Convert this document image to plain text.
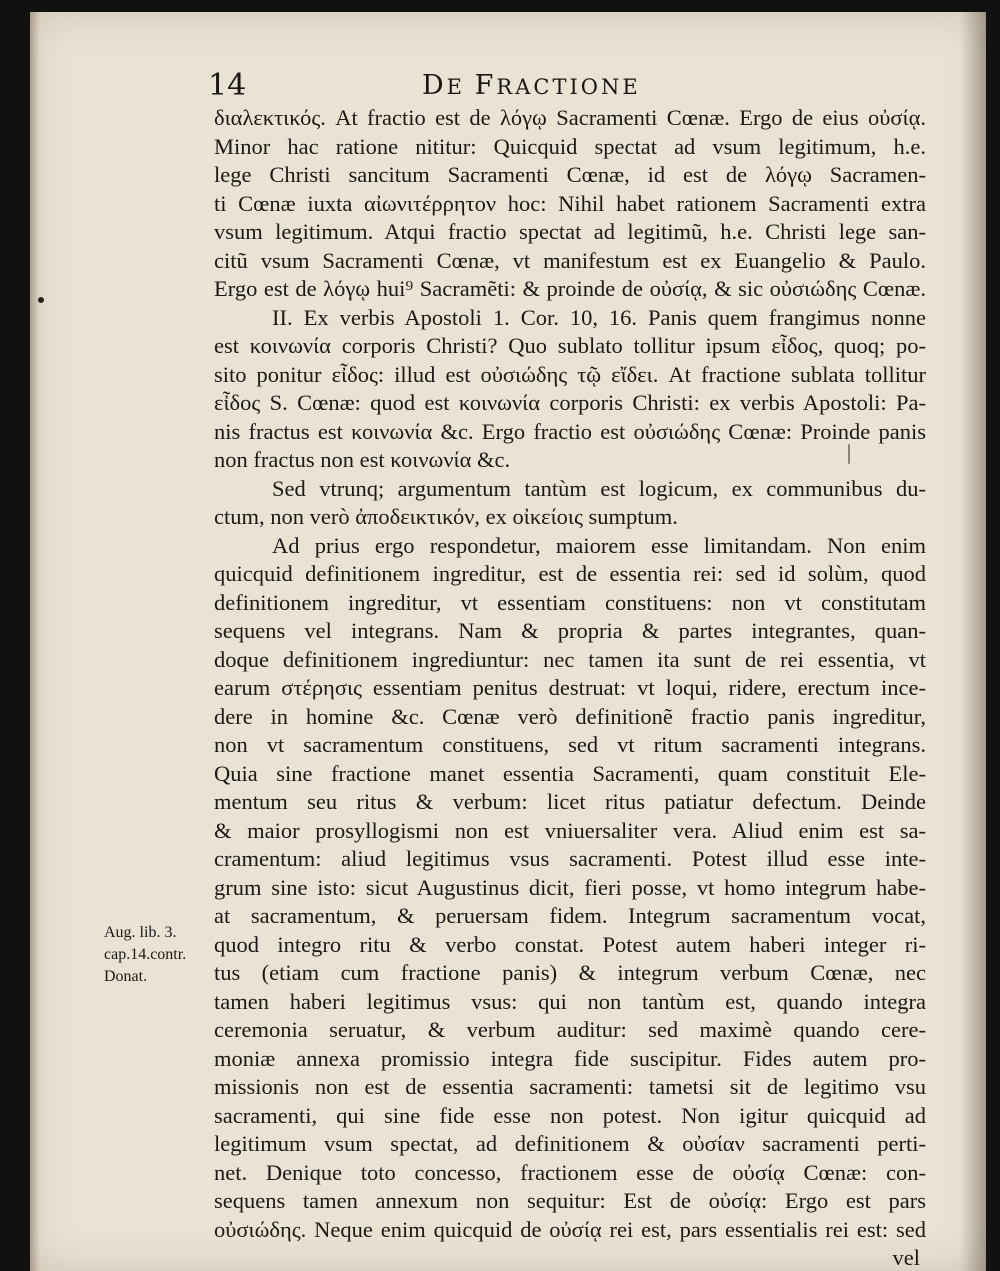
14	DE FRACTIONE
διαλεκτικός. At fractio est de λόγῳ Sacramenti Cœnæ. Ergo de eius οὐσίᾳ.
Minor hac ratione nititur: Quicquid spectat ad vsum legitimum, h.e.
lege Christi sancitum Sacramenti Cœnæ, id est de λόγῳ Sacramen-
ti Cœnæ iuxta αἰωνιτέρρητον hoc: Nihil habet rationem Sacramenti extra
vsum legitimum. Atqui fractio spectat ad legitimũ, h.e. Christi lege san-
citũ vsum Sacramenti Cœnæ, vt manifestum est ex Euangelio & Paulo.
Ergo est de λόγῳ hui⁹ Sacramẽti: & proinde de οὐσίᾳ, & sic οὐσιώδης Cœnæ.
II. Ex verbis Apostoli 1. Cor. 10, 16. Panis quem frangimus nonne
est κοινωνία corporis Christi? Quo sublato tollitur ipsum εἶδος, quoq; po-
sito ponitur εἶδος: illud est οὐσιώδης τῷ εἴδει. At fractione sublata tollitur
εἶδος S. Cœnæ: quod est κοινωνία corporis Christi: ex verbis Apostoli: Pa-
nis fractus est κοινωνία &c. Ergo fractio est οὐσιώδης Cœnæ: Proinde panis
non fractus non est κοινωνία &c.
Sed vtrunq; argumentum tantùm est logicum, ex communibus du-
ctum, non verò ἀποδεικτικόν, ex οἰκείοις sumptum.
Ad prius ergo respondetur, maiorem esse limitandam. Non enim
quicquid definitionem ingreditur, est de essentia rei: sed id solùm, quod
definitionem ingreditur, vt essentiam constituens: non vt constitutam
sequens vel integrans. Nam & propria & partes integrantes, quan-
doque definitionem ingrediuntur: nec tamen ita sunt de rei essentia, vt
earum στέρησις essentiam penitus destruat: vt loqui, ridere, erectum ince-
dere in homine &c. Cœnæ verò definitionẽ fractio panis ingreditur,
non vt sacramentum constituens, sed vt ritum sacramenti integrans.
Quia sine fractione manet essentia Sacramenti, quam constituit Ele-
mentum seu ritus & verbum: licet ritus patiatur defectum. Deinde
& maior prosyllogismi non est vniuersaliter vera. Aliud enim est sa-
cramentum: aliud legitimus vsus sacramenti. Potest illud esse inte-
grum sine isto: sicut Augustinus dicit, fieri posse, vt homo integrum habe-
at sacramentum, & peruersam fidem. Integrum sacramentum vocat,
quod integro ritu & verbo constat. Potest autem haberi integer ri-
tus (etiam cum fractione panis) & integrum verbum Cœnæ, nec
tamen haberi legitimus vsus: qui non tantùm est, quando integra
ceremonia seruatur, & verbum auditur: sed maximè quando cere-
moniæ annexa promissio integra fide suscipitur. Fides autem pro-
missionis non est de essentia sacramenti: tametsi sit de legitimo vsu
sacramenti, qui sine fide esse non potest. Non igitur quicquid ad
legitimum vsum spectat, ad definitionem & οὐσίαν sacramenti perti-
net. Denique toto concesso, fractionem esse de οὐσίᾳ Cœnæ: con-
sequens tamen annexum non sequitur: Est de οὐσίᾳ: Ergo est pars
οὐσιώδης. Neque enim quicquid de οὐσίᾳ rei est, pars essentialis rei est: sed
vel
Aug. lib. 3.
cap.14.contr.
Donat.
